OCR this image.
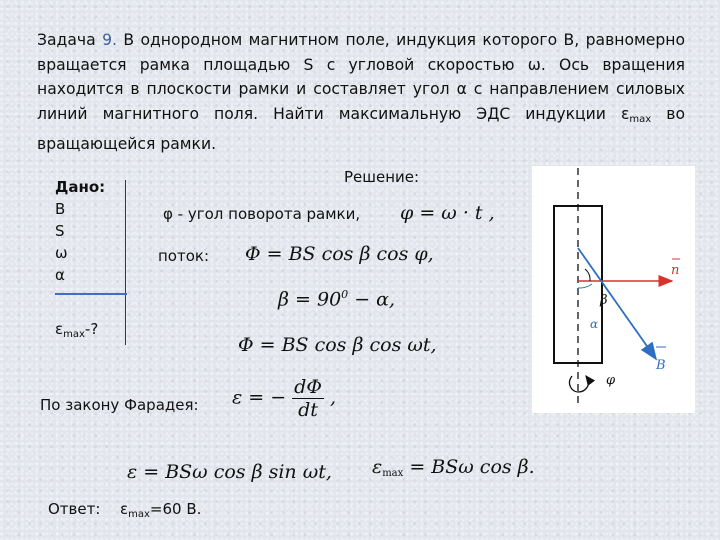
Задача 9. В однородном магнитном поле, индукция которого B, равномерно вращается рамка площадью S с угловой скоростью ω. Ось вращения находится в плоскости рамки и составляет угол α с направлением силовых линий магнитного поля. Найти максимальную ЭДС индукции $\varepsilon_{max}$ во вращающейся рамки.
Дано:
B
S
ω
α
$\varepsilon_{max}-$?
Решение:
φ - угол поворота рамки,
поток:
По закону Фарадея:
Ответ: $\varepsilon_{max}=60$ В.
φ = ω · t ,
Φ = BS cos β cos φ,
$\beta = 90^0 - \alpha$,
Φ = BS cos β cos ωt,
ε = − $\frac{d\Phi}{dt}$ ,
ε = BSω cos β sin ωt, $\varepsilon_{max} = BS\omega$ cos β.
n
B
β
α
φ
